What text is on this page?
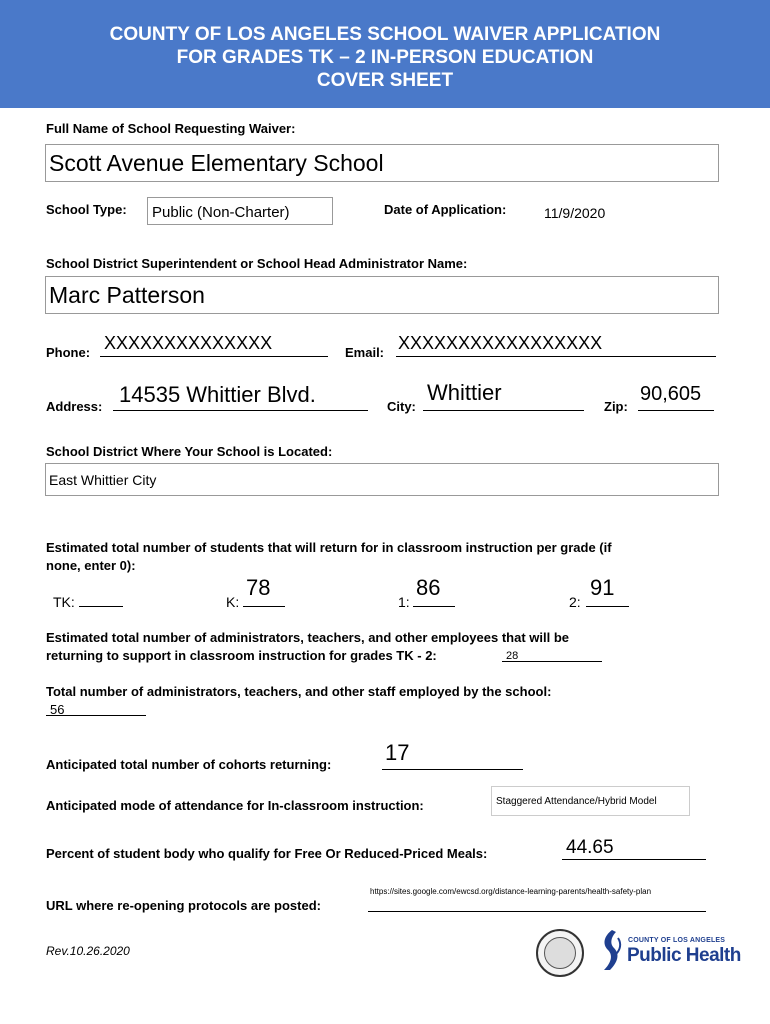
COUNTY OF LOS ANGELES SCHOOL WAIVER APPLICATION
FOR GRADES TK – 2 IN-PERSON EDUCATION
COVER SHEET
Full Name of School Requesting Waiver:
Scott Avenue Elementary School
School Type: Public (Non-Charter)	Date of Application:	11/9/2020
School District Superintendent or School Head Administrator Name:
Marc Patterson
Phone: XXXXXXXXXXXXXX	Email: XXXXXXXXXXXXXXXXX
Address: 14535 Whittier Blvd.	City:
Whittier
Zip:
90,605
School District Where Your School is Located:
East Whittier City
Estimated total number of students that will return for in classroom instruction per grade (if
none, enter 0):
TK:	K:
78
1:
86
2:
91
Estimated total number of administrators, teachers, and other employees that will be
returning to support in classroom instruction for grades TK - 2:	28
Total number of administrators, teachers, and other staff employed by the school:
56
Anticipated total number of cohorts returning: 17
Anticipated mode of attendance for In-classroom instruction:	Staggered Attendance/Hybrid Model
Percent of student body who qualify for Free Or Reduced-Priced Meals:	44.65
URL where re-opening protocols are posted:
https://sites.google.com/ewcsd.org/distance-learning-parents/health-safety-plan
Rev.10.26.2020
COUNTY OF LOS ANGELES
Public Health
